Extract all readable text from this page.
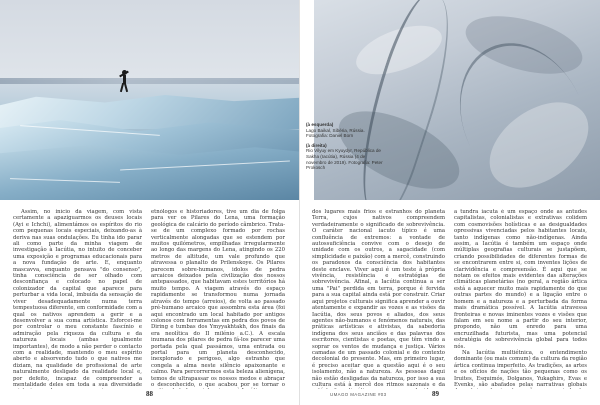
Assim, no início da viagem, com vista certamente a apaziguarmos os deuses locais (Ayi e Ichchi), alimentámos os espíritos do rio com pequenas locais especiais, deixando-as à deriva nas suas ondulações. Eu tinha ido parar ali como parte da minha viagem de investigação à Iacútia, no intuito de conceber uma exposição e programas educacionais para a nova fundação de arte. E, enquanto mascavva, enquanto pensava "do consenso", tinha consciência de ser olhado com desconfiança e colocado no papel de colonizador da capital que aparece para perturbar a vida local, imbuída da sensação de viver desadequadamente numa terra tempestuosa diferente, em conformidade com a qual os nativos aprendem a gerir e a desenvolver a sua coma artística. Esforcei-me por controlar o meu constante fascínio e admiração pela riqueza da cultura e da natureza locais (ambas igualmente importantes), de modo a não perder o contacto com a realidade, mantendo o meu espírito aberto e absorvendo tudo o que nativos me diziam, na qualidade de profissional de arte naturalmente desligado da realidade local e, por defeito, incapaz de compreender a mentalidade deles em toda a sua diversidade

etnólogos e historiadores, tive um dia de folga para ver os Pilares do Lena, uma formação geológica de calcário do período câmbrico. Trata-se de um complexo formado por rochas verticalmente alongadas que se estendem por muitos quilómetros, empilhadas irregularmente ao longo das margens do Lena, atingindo os 220 metros de altitude, um vale profundo que atravessa o planalto de Prilenskoye. Os Pilares parecem sobre-humanos, idolos de pedra arcaicos deixados pela civilização dos nossos antepassados, que habitavam estes territórios há muito tempo. A viagem através do espaço rapidamente se transformou numa jornada através do tempo (arreios), de volta ao passado pré-humano arcaico que assombra esta área (foi aqui encontrado um local habitado por antigos colonos com ferramentas em pedra dos povos de Diring e tumbas dos Ymyyakhtakh, dos finais da era neolítica do II milénio a.C.). A escala inumana dos pilares de pedra fá-los parecer uma portada pela qual passámos, uma entrada ou portal para um planeta desconhecido, inexplorado e perigoso, algo estranho que congela a alma neste silêncio apaixonante e calmo. Para percorrermos esta beleza alienígena, temos de ultrapassar os nossos medos e abraçar o desconhecido, o que acabou por se tornar o

88

(à esquerda)
Lago Baikal, Sibéria, Rússia. Fotografia: Daniel Born

(à direita)
Rio Vilyuy em Kyuydyr, República de Sakha (Iacútia), Rússia (4 de novembro de 2019). Fotografia: Peter Prokosch

dos lugares mais frios e estranhos do planeta Terra, cujos nativos compreendem verdadeiramente o significado de sobrevivência. O caráter nacional iacuto típico é uma confluência de extremos: a vontade de autossuficiência convive com o desejo de unidade com os outros, a sagacidade (com simplicidade e paixão) com a mercê, construindo os paradoxos da consciência dos habitantes deste enclave. Viver aqui é um teste à própria vivência, resistência e estratégias de sobrevivência. Afinal, a Iacútia continua a ser uma "Pai" perdida em terra, porque é fervida para a sua capital ainda está por construir. Criar aqui projetos culturais significa aprender a ouvir atentamente e expandir as vozes e as visões da Iacútia, dos seus povos e aliados, dos seus agentes não-humanos e fenómenos naturais, das práticas artísticas e ativistas, da sabedoria indígena dos seus anciãos e das palavras dos escritores, cientistas e poetas, que têm vindo a soprar os ventos de mudança e justiça. Vários camadas de um passado colonial e do contexto decolonial do presente. Mas, em primeiro lugar, é preciso aceitar que a questão aqui é o seu isolamento, não a natureza. As pessoas daqui não estão desligadas da natureza, por isso a sua cultura está à mercê dos ritmos sazonais e da

a tundra iacuta é um espaço onde as antudes capitalistas, colonialistas e extrativas colidem com cosmovisões holísticas e as desigualdades opressivas vivenciadas pelos habitantes locais, tanto indígenas como não-indígenas. Ainda assim, a Iacútia é também um espaço onde múltiplas geografias culturais se justapõem, criando possibilidades de diferentes formas de se encontrarem entre si, com inventes lições de clarividência e compreensão. É aqui que se notam os efeitos mais evidentes das alterações climáticas planetárias (no geral, a região ártica está a aquecer muito mais rapidamente do que outras partes do mundo) e a ligação entre o homem e a natureza e a perturbada da forma mais dramática possível. A Iacútia atravessa fronteiras e novas iminentes vozes e visões que falam em seu nome a partir do seu interior, propondo, não um enredo para uma encruzilhada futurista, mas uma potencial estratégia de sobrevivência global para todos nós.

Na Iacútia multiétnica, o entendimento dominante (ou mais comum) da cultura da região ártica continua imperfeito. As tradições, as artes e os ofícios de nações tão pequenas como os Iruites, Esquimós, Dolganos, Yukaghirs, Evas e Evenks, são abafados pelas narrativas globais

UMAGO MAGAZINE #03	89
